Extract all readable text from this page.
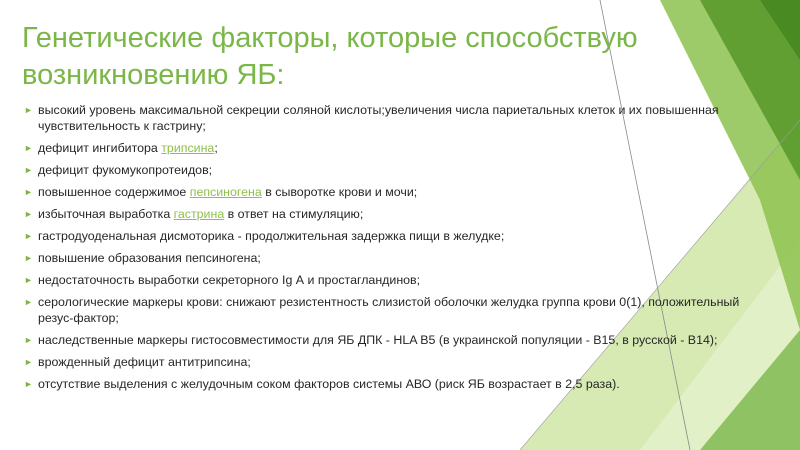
Генетические факторы, которые способствую возникновению ЯБ:
► высокий уровень максимальной секреции соляной кислоты;увеличения числа париетальных клеток и их повышенная чувствительность к гастрину;
► дефицит ингибитора трипсина;
► дефицит фукомукопротеидов;
► повышенное содержимое пепсиногена в сыворотке крови и мочи;
► избыточная выработка гастрина в ответ на стимуляцию;
► гастродуоденальная дисмоторика - продолжительная задержка пищи в желудке;
► повышение образования пепсиногена;
► недостаточность выработки секреторного Ig А и простагландинов;
► серологические маркеры крови: снижают резистентность слизистой оболочки желудка группа крови 0(1), положительный резус-фактор;
► наследственные маркеры гистосовместимости для ЯБ ДПК - HLA B5 (в украинской популяции - B15, в русской - B14);
► врожденный дефицит антитрипсина;
► отсутствие выделения с желудочным соком факторов системы АВО (риск ЯБ возрастает в 2,5 раза).
